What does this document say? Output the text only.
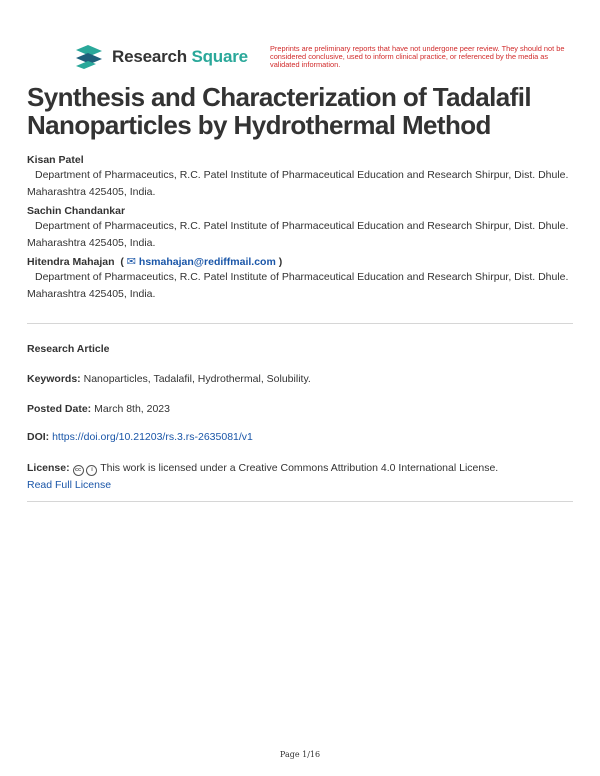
Research Square	Preprints are preliminary reports that have not undergone peer review. They should not be considered conclusive, used to inform clinical practice, or referenced by the media as validated information.
Synthesis and Characterization of Tadalafil Nanoparticles by Hydrothermal Method
Kisan Patel
Department of Pharmaceutics, R.C. Patel Institute of Pharmaceutical Education and Research Shirpur, Dist. Dhule. Maharashtra 425405, India.
Sachin Chandankar
Department of Pharmaceutics, R.C. Patel Institute of Pharmaceutical Education and Research Shirpur, Dist. Dhule. Maharashtra 425405, India.
Hitendra Mahajan  ( ✉ hsmahajan@rediffmail.com )
Department of Pharmaceutics, R.C. Patel Institute of Pharmaceutical Education and Research Shirpur, Dist. Dhule. Maharashtra 425405, India.
Research Article
Keywords: Nanoparticles, Tadalafil, Hydrothermal, Solubility.
Posted Date: March 8th, 2023
DOI: https://doi.org/10.21203/rs.3.rs-2635081/v1
License: cc i This work is licensed under a Creative Commons Attribution 4.0 International License.
Read Full License
Page 1/16
